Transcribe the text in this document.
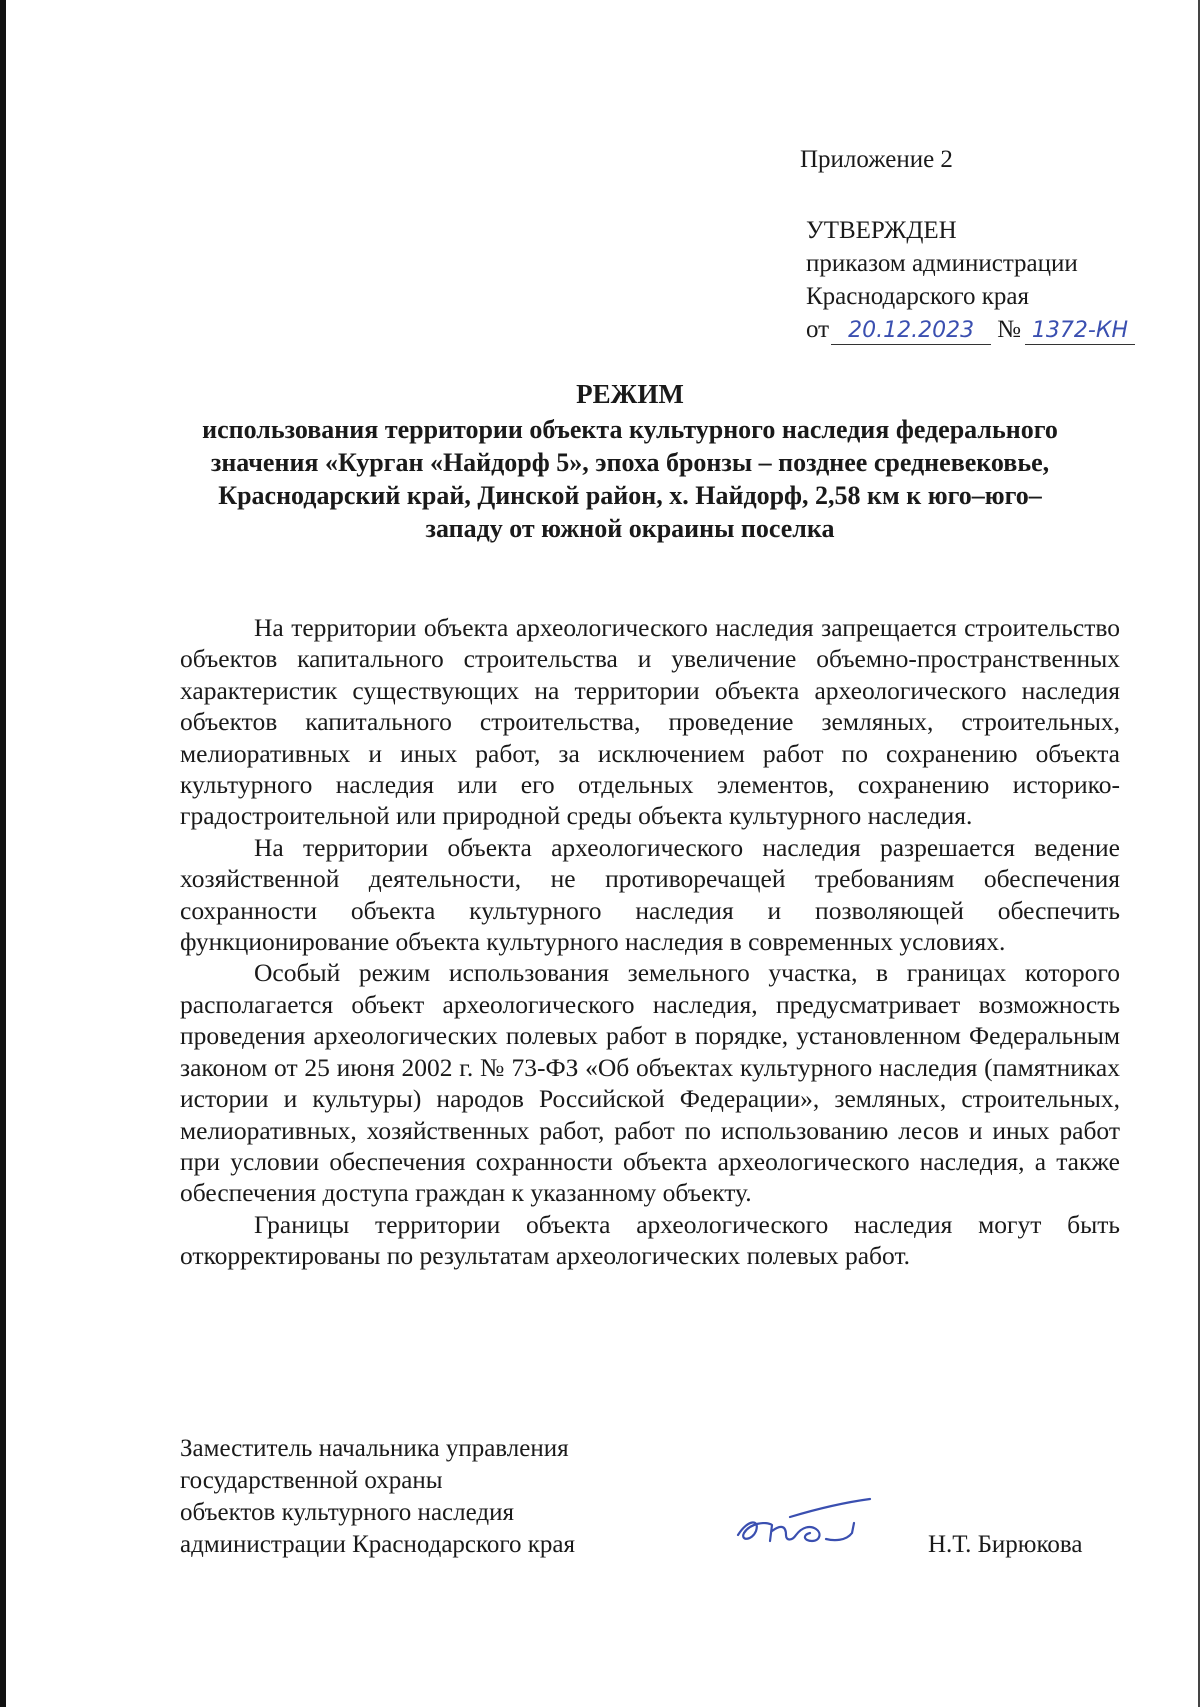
Приложение 2
УТВЕРЖДЕН
приказом администрации
Краснодарского края
от 20.12.2023 № 1372-КН
РЕЖИМ
использования территории объекта культурного наследия федерального
значения «Курган «Найдорф 5», эпоха бронзы – позднее средневековье,
Краснодарский край, Динской район, х. Найдорф, 2,58 км к юго–юго–
западу от южной окраины поселка

На территории объекта археологического наследия запрещается строительство объектов капитального строительства и увеличение объемно-пространственных характеристик существующих на территории объекта археологического наследия объектов капитального строительства, проведение земляных, строительных, мелиоративных и иных работ, за исключением работ по сохранению объекта культурного наследия или его отдельных элементов, сохранению историко-градостроительной или природной среды объекта культурного наследия.

На территории объекта археологического наследия разрешается ведение хозяйственной деятельности, не противоречащей требованиям обеспечения сохранности объекта культурного наследия и позволяющей обеспечить функционирование объекта культурного наследия в современных условиях.

Особый режим использования земельного участка, в границах которого располагается объект археологического наследия, предусматривает возможность проведения археологических полевых работ в порядке, установленном Федеральным законом от 25 июня 2002 г. № 73-ФЗ «Об объектах культурного наследия (памятниках истории и культуры) народов Российской Федерации», земляных, строительных, мелиоративных, хозяйственных работ, работ по использованию лесов и иных работ при условии обеспечения сохранности объекта археологического наследия, а также обеспечения доступа граждан к указанному объекту.

Границы территории объекта археологического наследия могут быть откорректированы по результатам археологических полевых работ.

Заместитель начальника управления
государственной охраны
объектов культурного наследия
администрации Краснодарского края	Н.Т. Бирюкова
